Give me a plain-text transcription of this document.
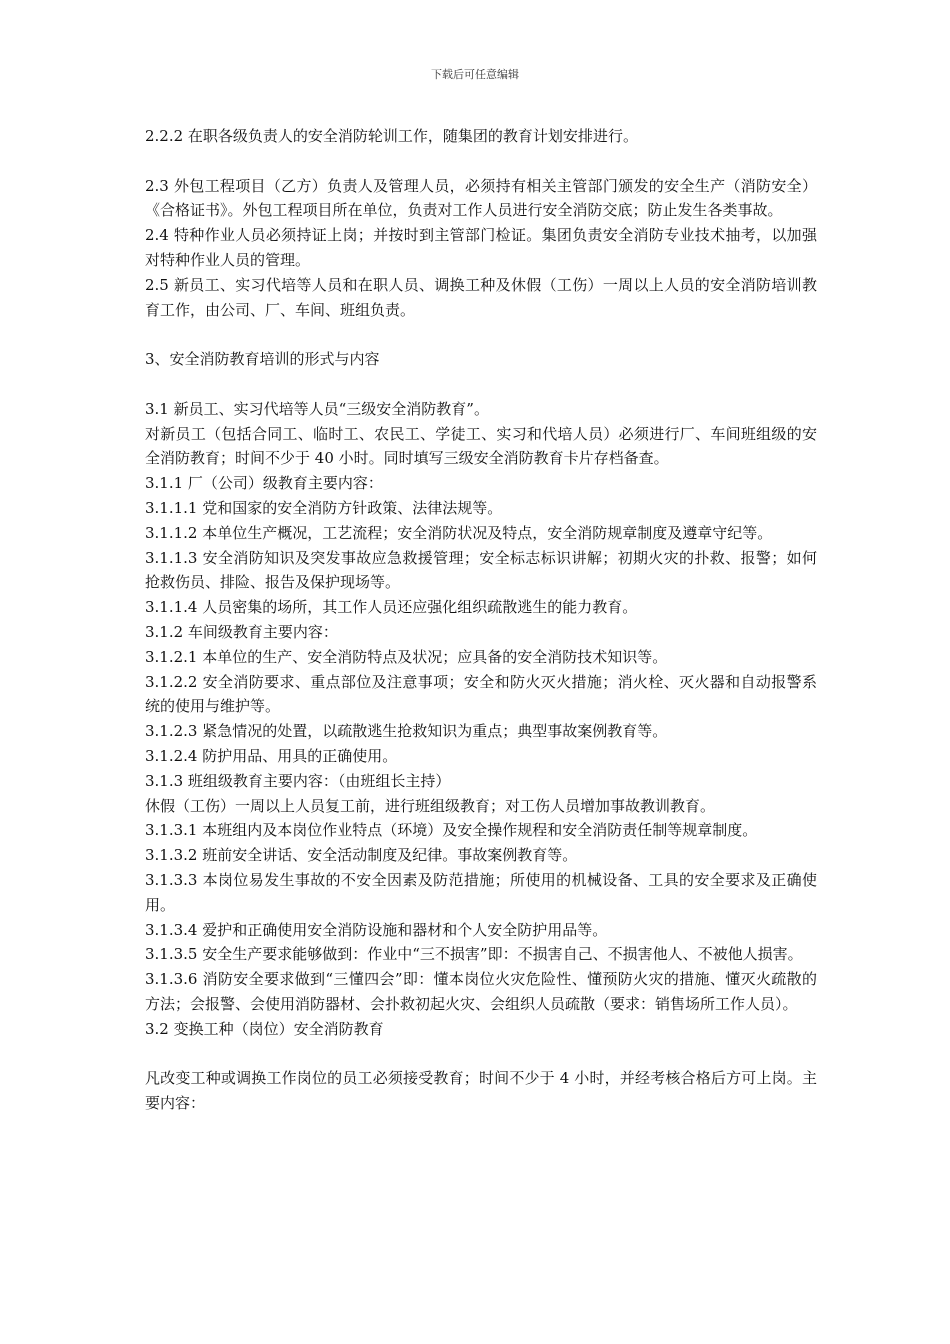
下载后可任意编辑

2.2.2 在职各级负责人的安全消防轮训工作，随集团的教育计划安排进行。

2.3 外包工程项目（乙方）负责人及管理人员，必须持有相关主管部门颁发的安全生产（消防安全）《合格证书》。外包工程项目所在单位，负责对工作人员进行安全消防交底；防止发生各类事故。

2.4 特种作业人员必须持证上岗；并按时到主管部门检证。集团负责安全消防专业技术抽考，以加强对特种作业人员的管理。

2.5 新员工、实习代培等人员和在职人员、调换工种及休假（工伤）一周以上人员的安全消防培训教育工作，由公司、厂、车间、班组负责。

3、安全消防教育培训的形式与内容

3.1 新员工、实习代培等人员“三级安全消防教育”。

对新员工（包括合同工、临时工、农民工、学徒工、实习和代培人员）必须进行厂、车间班组级的安全消防教育；时间不少于 40 小时。同时填写三级安全消防教育卡片存档备查。

3.1.1 厂（公司）级教育主要内容：

3.1.1.1 党和国家的安全消防方针政策、法律法规等。

3.1.1.2 本单位生产概况，工艺流程；安全消防状况及特点，安全消防规章制度及遵章守纪等。

3.1.1.3 安全消防知识及突发事故应急救援管理；安全标志标识讲解；初期火灾的扑救、报警；如何抢救伤员、排险、报告及保护现场等。

3.1.1.4 人员密集的场所，其工作人员还应强化组织疏散逃生的能力教育。

3.1.2 车间级教育主要内容：

3.1.2.1 本单位的生产、安全消防特点及状况；应具备的安全消防技术知识等。

3.1.2.2 安全消防要求、重点部位及注意事项；安全和防火灭火措施；消火栓、灭火器和自动报警系统的使用与维护等。

3.1.2.3 紧急情况的处置，以疏散逃生抢救知识为重点；典型事故案例教育等。

3.1.2.4 防护用品、用具的正确使用。

3.1.3 班组级教育主要内容：（由班组长主持）

休假（工伤）一周以上人员复工前，进行班组级教育；对工伤人员增加事故教训教育。

3.1.3.1 本班组内及本岗位作业特点（环境）及安全操作规程和安全消防责任制等规章制度。

3.1.3.2 班前安全讲话、安全活动制度及纪律。事故案例教育等。

3.1.3.3 本岗位易发生事故的不安全因素及防范措施；所使用的机械设备、工具的安全要求及正确使用。

3.1.3.4 爱护和正确使用安全消防设施和器材和个人安全防护用品等。

3.1.3.5 安全生产要求能够做到：作业中“三不损害”即：不损害自己、不损害他人、不被他人损害。

3.1.3.6 消防安全要求做到“三懂四会”即：懂本岗位火灾危险性、懂预防火灾的措施、懂灭火疏散的方法；会报警、会使用消防器材、会扑救初起火灾、会组织人员疏散（要求：销售场所工作人员）。

3.2 变换工种（岗位）安全消防教育

凡改变工种或调换工作岗位的员工必须接受教育；时间不少于 4 小时，并经考核合格后方可上岗。主要内容：
